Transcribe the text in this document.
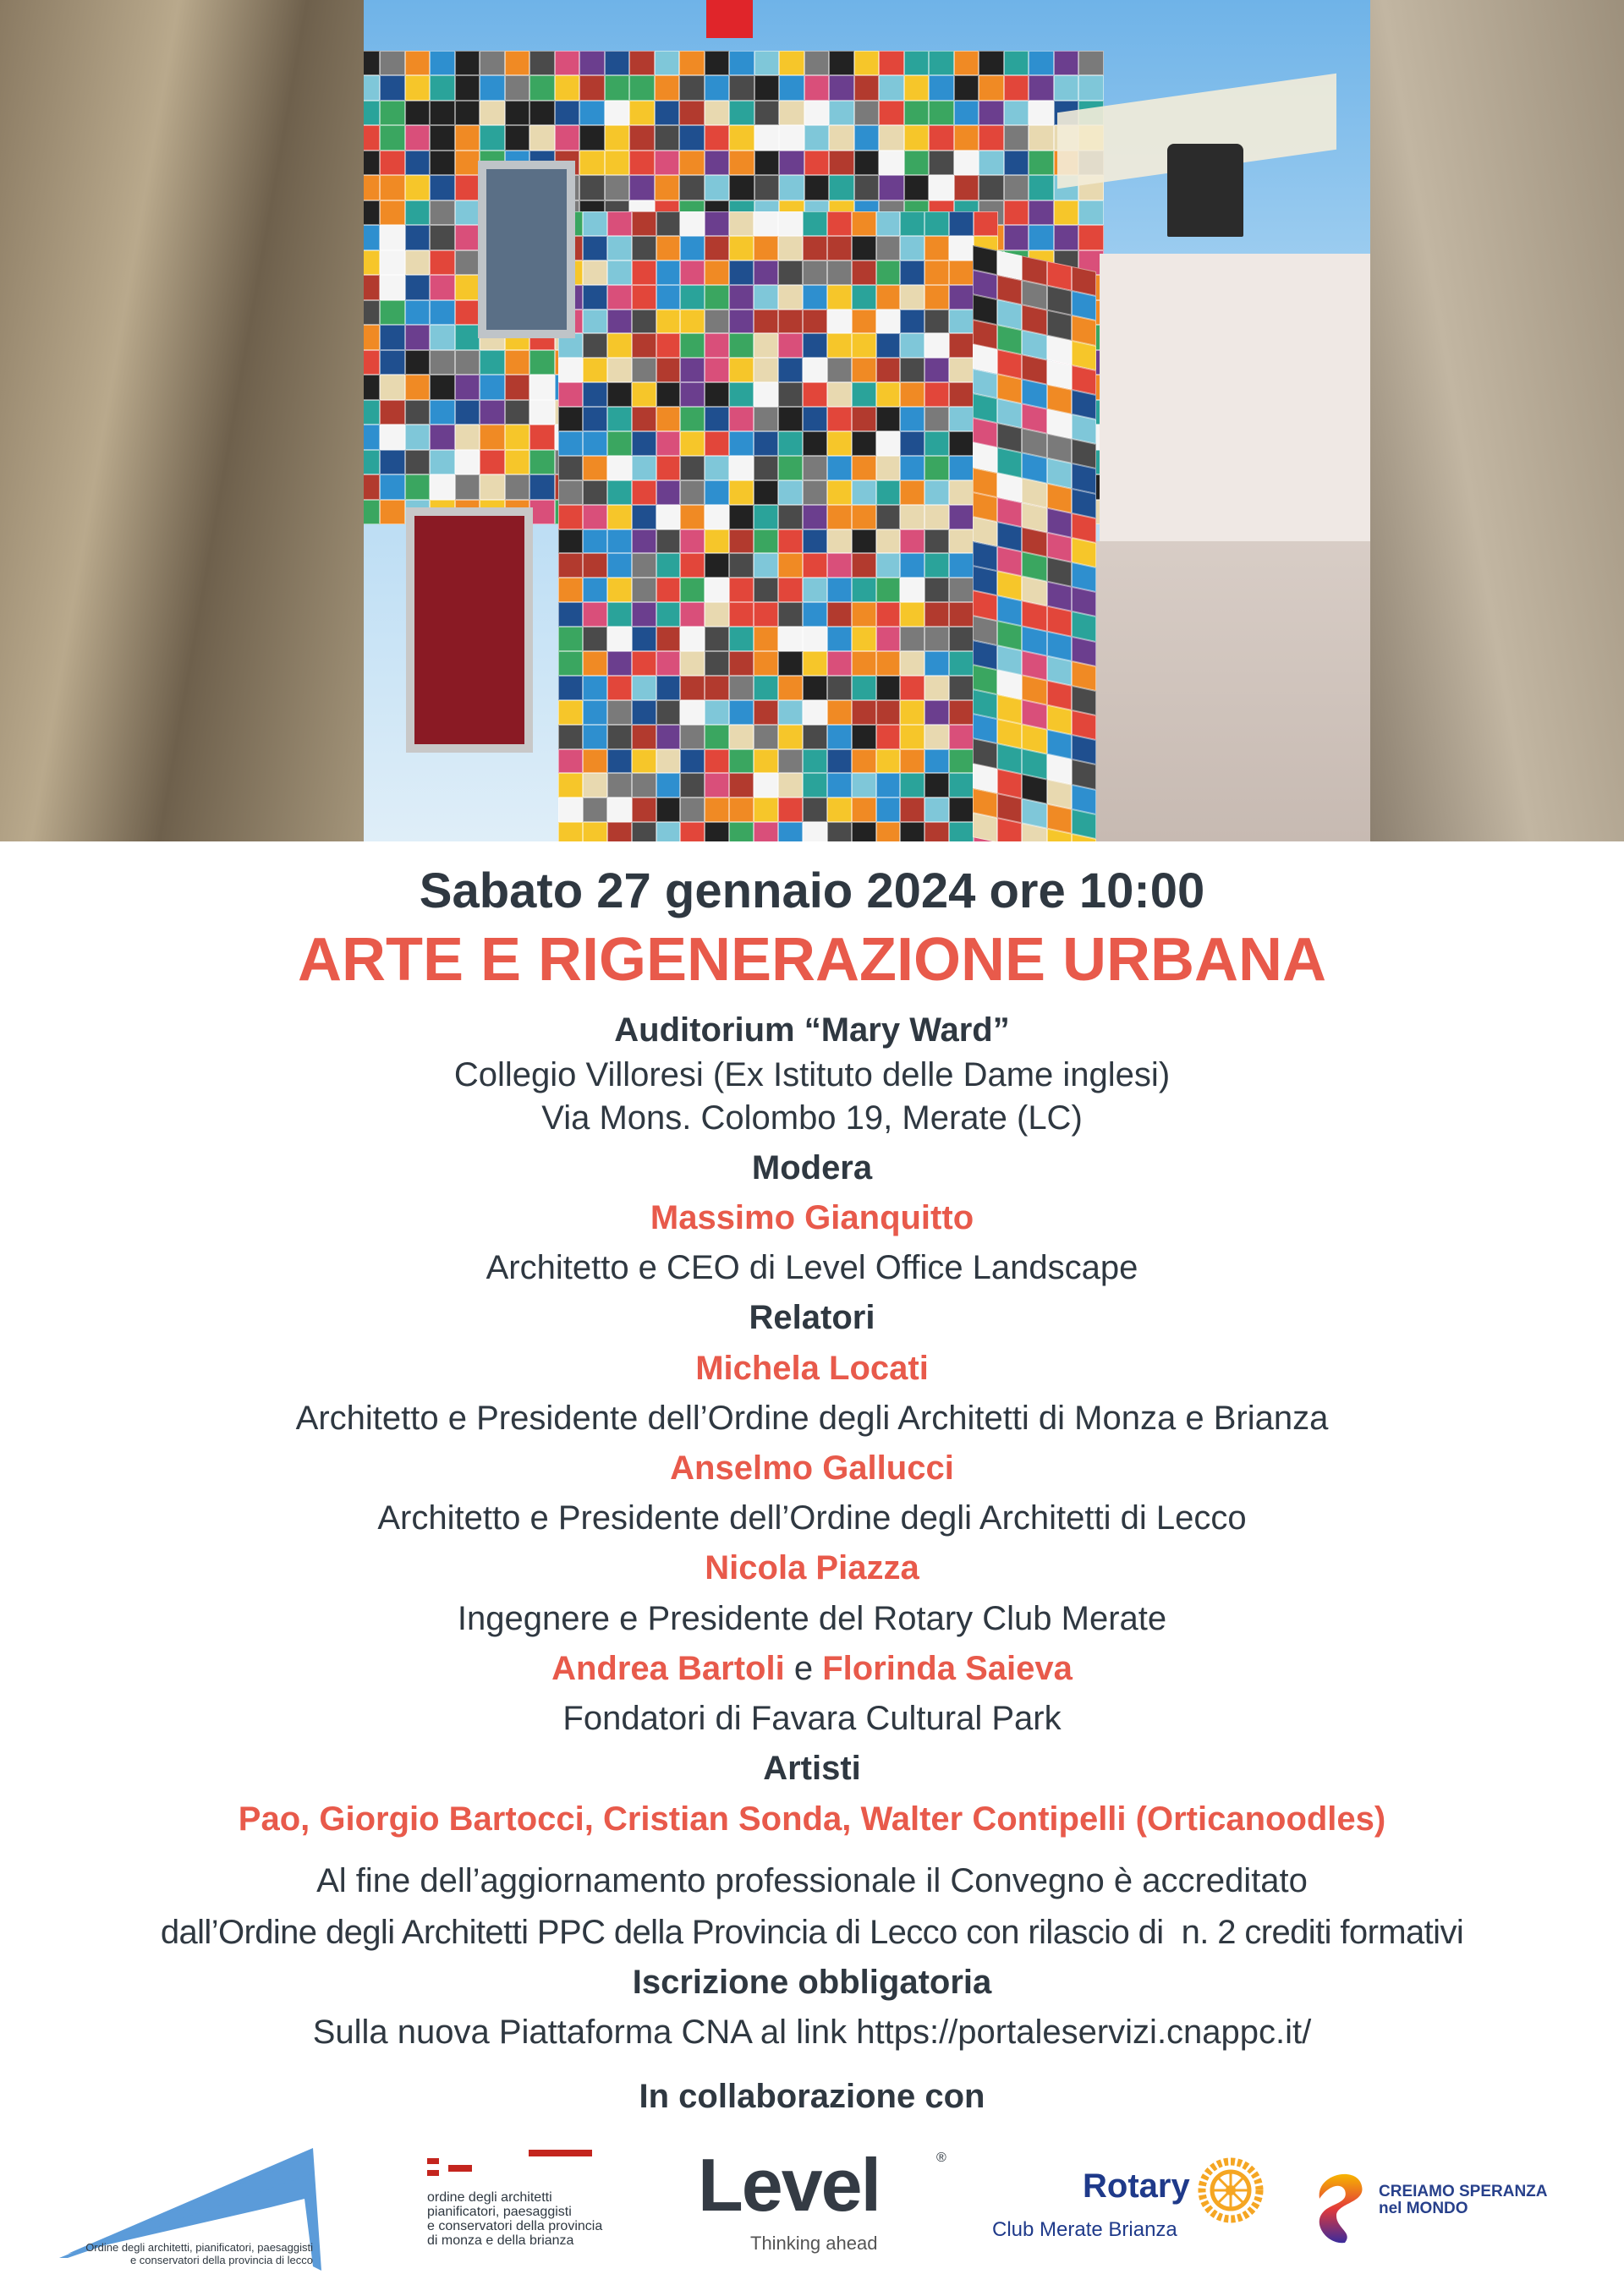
Sabato 27 gennaio 2024 ore 10:00
ARTE E RIGENERAZIONE URBANA
Auditorium “Mary Ward”
Collegio Villoresi (Ex Istituto delle Dame inglesi)
Via Mons. Colombo 19, Merate (LC)
Modera
Massimo Gianquitto
Architetto e CEO di Level Office Landscape
Relatori
Michela Locati
Architetto e Presidente dell’Ordine degli Architetti di Monza e Brianza
Anselmo Gallucci
Architetto e Presidente dell’Ordine degli Architetti di Lecco
Nicola Piazza
Ingegnere e Presidente del Rotary Club Merate
Andrea Bartoli e Florinda Saieva
Fondatori di Favara Cultural Park
Artisti
Pao, Giorgio Bartocci, Cristian Sonda, Walter Contipelli (Orticanoodles)
Al fine dell’aggiornamento professionale il Convegno è accreditato
dall’Ordine degli Architetti PPC della Provincia di Lecco con rilascio di  n. 2 crediti formativi
Iscrizione obbligatoria
Sulla nuova Piattaforma CNA al link https://portaleservizi.cnappc.it/
In collaborazione con
Ordine degli architetti, pianificatori, paesaggisti
e conservatori della provincia di lecco
ordine degli architetti
pianificatori, paesaggisti
e conservatori della provincia
di monza e della brianza
Level	®
Thinking ahead
Rotary
Club Merate Brianza
CREIAMO SPERANZA
nel MONDO
